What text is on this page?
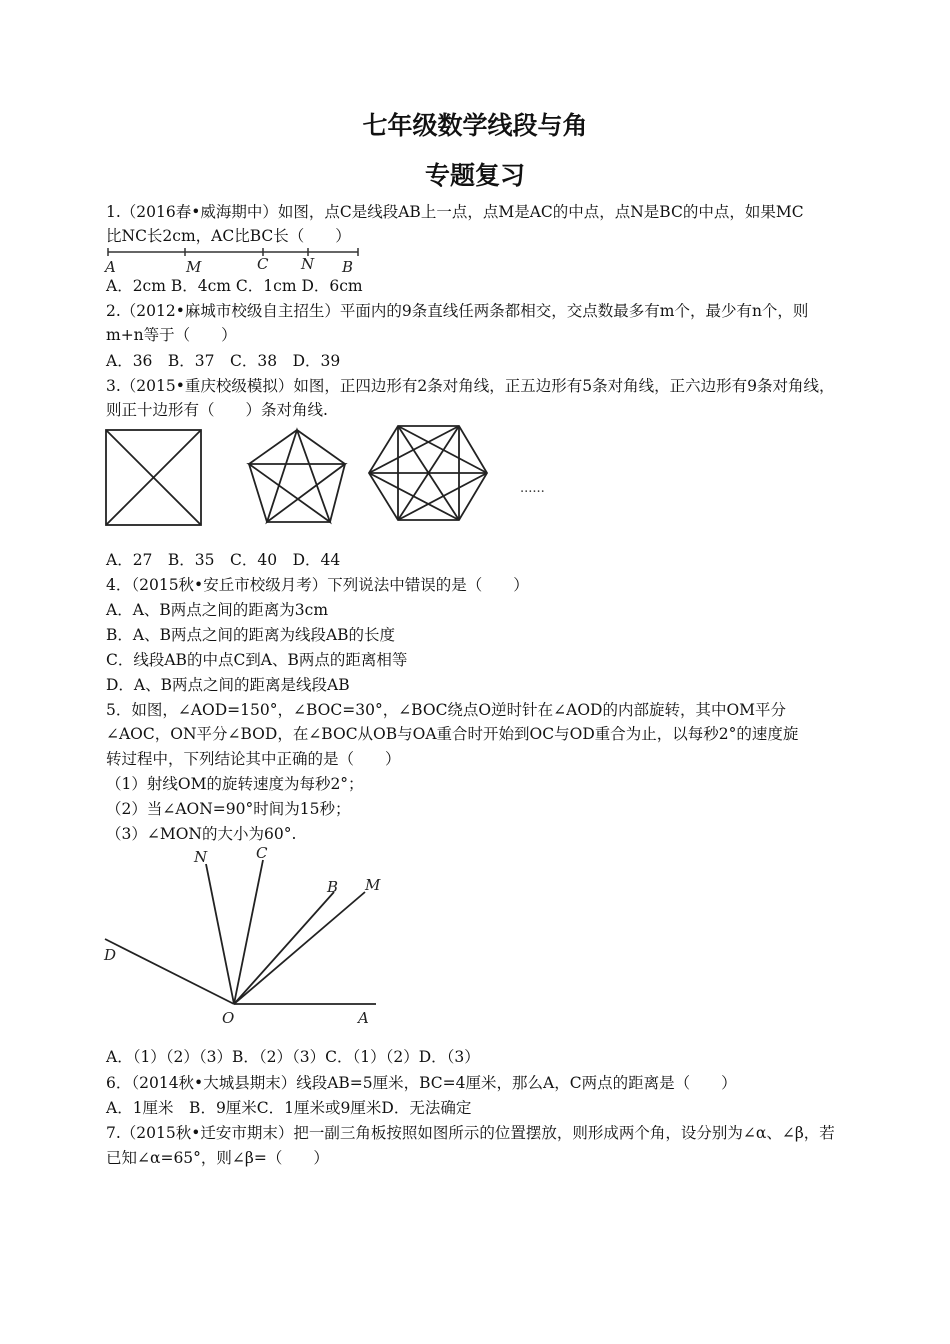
七年级数学线段与角
专题复习
1.（2016春•威海期中）如图，点C是线段AB上一点，点M是AC的中点，点N是BC的中点，如果MC
比NC长2cm，AC比BC长（　　）
A	M	C N B
A．2cm B．4cm C．1cm D．6cm
2.（2012•麻城市校级自主招生）平面内的9条直线任两条都相交，交点数最多有m个，最少有n个，则
m+n等于（　　）
A．36　B．37　C．38　D．39
3.（2015•重庆校级模拟）如图，正四边形有2条对角线，正五边形有5条对角线，正六边形有9条对角线，
则正十边形有（　　）条对角线.
......
A．27　B．35　C．40　D．44
4．（2015秋•安丘市校级月考）下列说法中错误的是（　　）
A．A、B两点之间的距离为3cm
B．A、B两点之间的距离为线段AB的长度
C．线段AB的中点C到A、B两点的距离相等
D．A、B两点之间的距离是线段AB
5．如图，∠AOD=150°，∠BOC=30°，∠BOC绕点O逆时针在∠AOD的内部旋转，其中OM平分
∠AOC，ON平分∠BOD，在∠BOC从OB与OA重合时开始到OC与OD重合为止，以每秒2°的速度旋
转过程中，下列结论其中正确的是（　　）
（1）射线OM的旋转速度为每秒2°；
（2）当∠AON=90°时间为15秒；
（3）∠MON的大小为60°.
N	C
B M
D
O	A
A．（1）（2）（3）B．（2）（3）C．（1）（2）D．（3）
6．（2014秋•大城县期末）线段AB=5厘米，BC=4厘米，那么A，C两点的距离是（　　）
A．1厘米　B．9厘米C．1厘米或9厘米D．无法确定
7.（2015秋•迁安市期末）把一副三角板按照如图所示的位置摆放，则形成两个角，设分别为∠α、∠β，若
已知∠α=65°，则∠β=（　　）
